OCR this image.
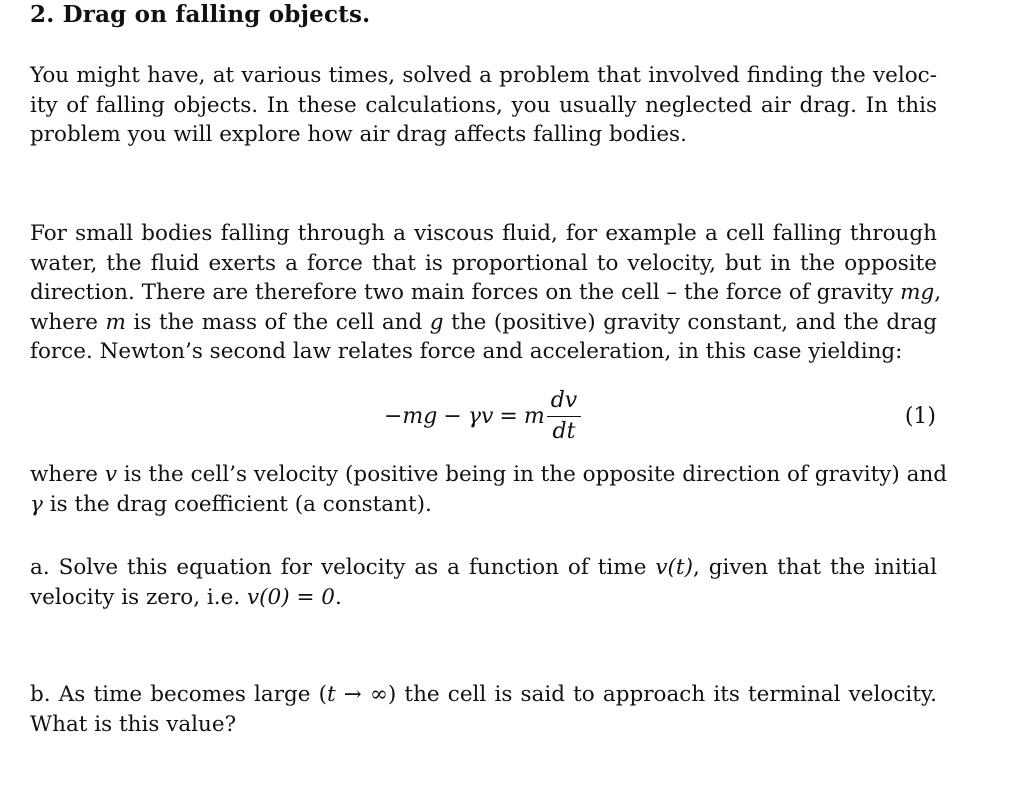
2. Drag on falling objects.
You might have, at various times, solved a problem that involved finding the veloc-
ity of falling objects. In these calculations, you usually neglected air drag. In this
problem you will explore how air drag affects falling bodies.
For small bodies falling through a viscous fluid, for example a cell falling through
water, the fluid exerts a force that is proportional to velocity, but in the opposite
direction. There are therefore two main forces on the cell – the force of gravity mg,
where m is the mass of the cell and g the (positive) gravity constant, and the drag
force. Newton’s second law relates force and acceleration, in this case yielding:
−mg − γv = m $\frac{dv}{dt}$	(1)
where v is the cell’s velocity (positive being in the opposite direction of gravity) and
γ is the drag coefficient (a constant).
a. Solve this equation for velocity as a function of time v(t), given that the initial
velocity is zero, i.e. v(0) = 0.
b. As time becomes large (t → ∞) the cell is said to approach its terminal velocity.
What is this value?
